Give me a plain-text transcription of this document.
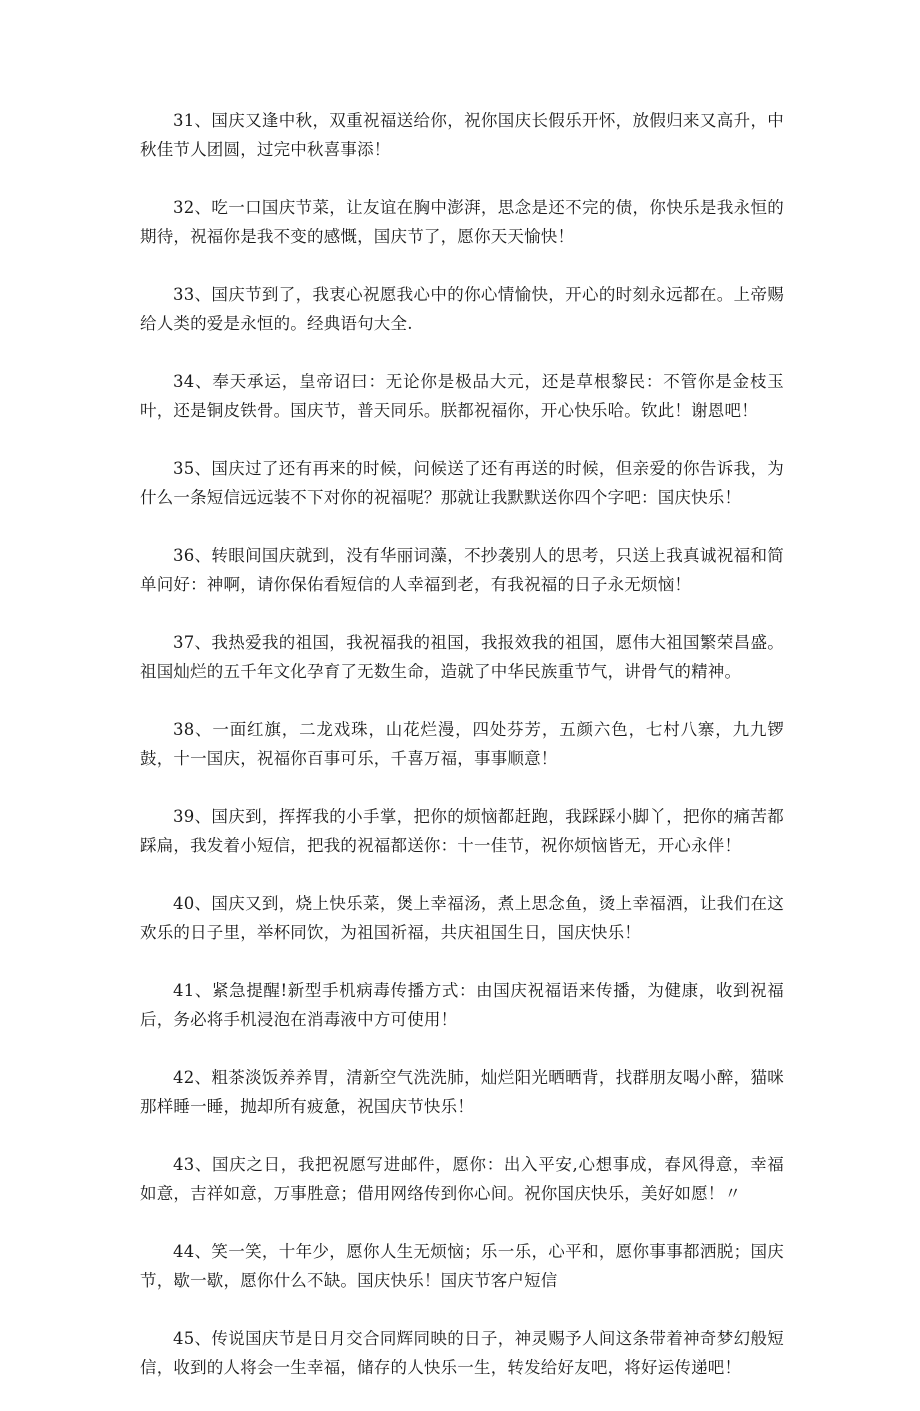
31、国庆又逢中秋，双重祝福送给你，祝你国庆长假乐开怀，放假归来又高升，中秋佳节人团圆，过完中秋喜事添！

32、吃一口国庆节菜，让友谊在胸中澎湃，思念是还不完的债，你快乐是我永恒的期待，祝福你是我不变的感慨，国庆节了，愿你天天愉快！

33、国庆节到了，我衷心祝愿我心中的你心情愉快，开心的时刻永远都在。上帝赐给人类的爱是永恒的。经典语句大全.

34、奉天承运，皇帝诏曰：无论你是极品大元，还是草根黎民：不管你是金枝玉叶，还是铜皮铁骨。国庆节，普天同乐。朕都祝福你，开心快乐哈。钦此！谢恩吧！

35、国庆过了还有再来的时候，问候送了还有再送的时候，但亲爱的你告诉我，为什么一条短信远远装不下对你的祝福呢？那就让我默默送你四个字吧：国庆快乐！

36、转眼间国庆就到，没有华丽词藻，不抄袭别人的思考，只送上我真诚祝福和简单问好：神啊，请你保佑看短信的人幸福到老，有我祝福的日子永无烦恼！

37、我热爱我的祖国，我祝福我的祖国，我报效我的祖国，愿伟大祖国繁荣昌盛。祖国灿烂的五千年文化孕育了无数生命，造就了中华民族重节气，讲骨气的精神。

38、一面红旗，二龙戏珠，山花烂漫，四处芬芳，五颜六色，七村八寨，九九锣鼓，十一国庆，祝福你百事可乐，千喜万福，事事顺意！

39、国庆到，挥挥我的小手掌，把你的烦恼都赶跑，我踩踩小脚丫，把你的痛苦都踩扁，我发着小短信，把我的祝福都送你：十一佳节，祝你烦恼皆无，开心永伴！

40、国庆又到，烧上快乐菜，煲上幸福汤，煮上思念鱼，烫上幸福酒，让我们在这欢乐的日子里，举杯同饮，为祖国祈福，共庆祖国生日，国庆快乐！

41、紧急提醒!新型手机病毒传播方式：由国庆祝福语来传播，为健康，收到祝福后，务必将手机浸泡在消毒液中方可使用！

42、粗茶淡饭养养胃，清新空气洗洗肺，灿烂阳光晒晒背，找群朋友喝小醉，猫咪那样睡一睡，抛却所有疲惫，祝国庆节快乐！

43、国庆之日，我把祝愿写进邮件，愿你：出入平安,心想事成，春风得意，幸福如意，吉祥如意，万事胜意；借用网络传到你心间。祝你国庆快乐，美好如愿！〃

44、笑一笑，十年少，愿你人生无烦恼；乐一乐，心平和，愿你事事都洒脱；国庆节，歇一歇，愿你什么不缺。国庆快乐！国庆节客户短信

45、传说国庆节是日月交合同辉同映的日子，神灵赐予人间这条带着神奇梦幻般短信，收到的人将会一生幸福，储存的人快乐一生，转发给好友吧，将好运传递吧！
